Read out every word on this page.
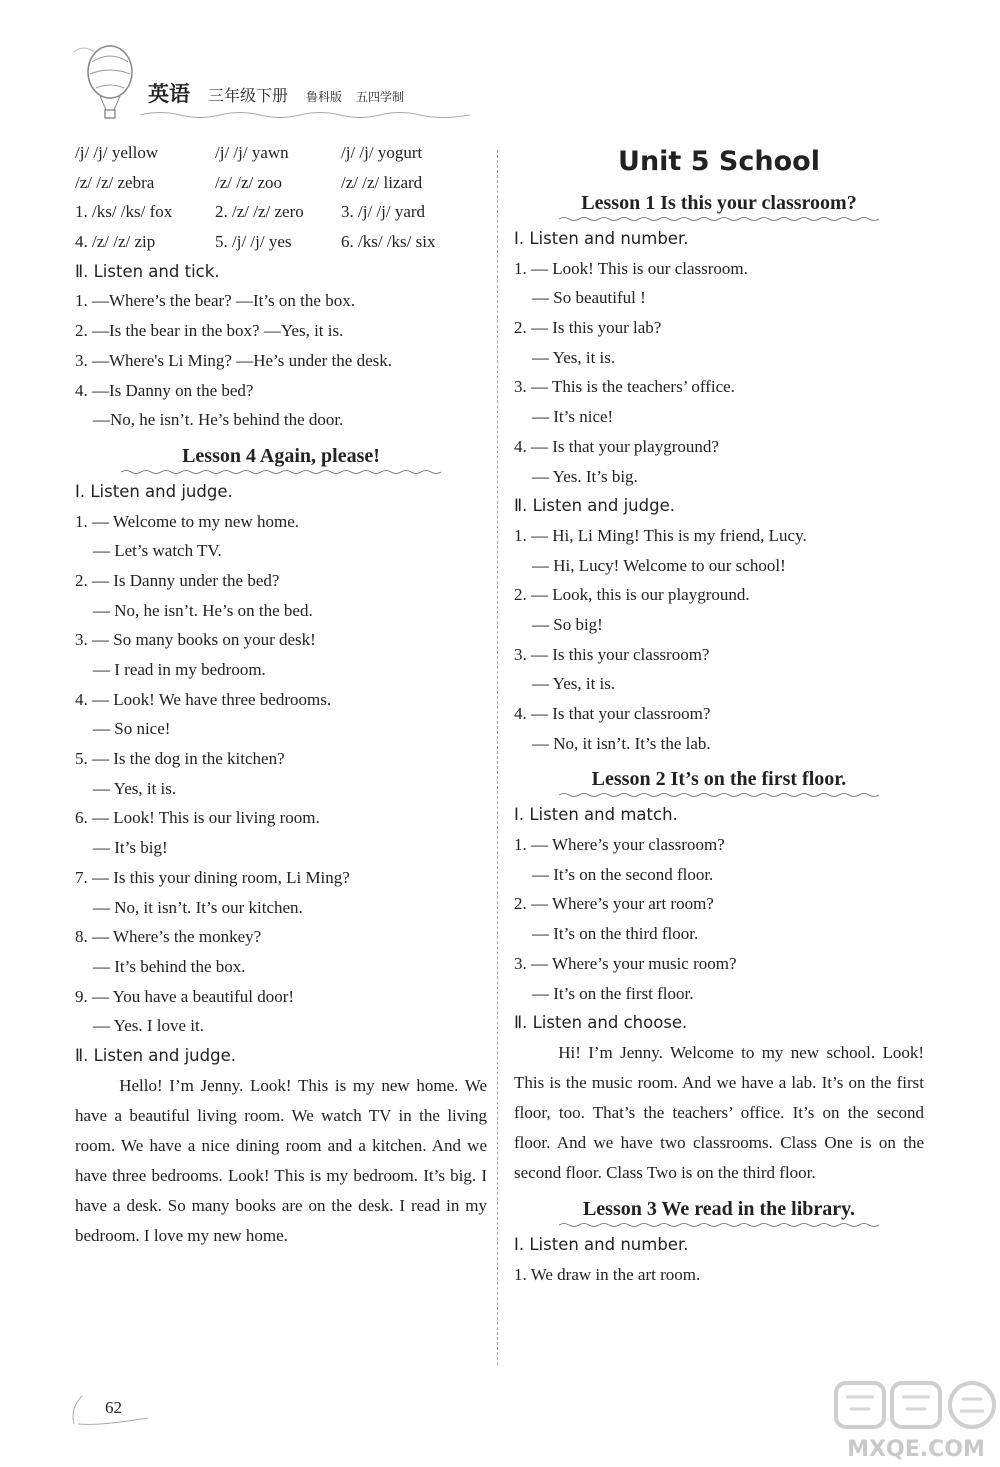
英语 三年级下册 鲁科版 五四学制
/j/ /j/ yellow	/j/ /j/ yawn	/j/ /j/ yogurt
/z/ /z/ zebra	/z/ /z/ zoo	/z/ /z/ lizard
1. /ks/ /ks/ fox	2. /z/ /z/ zero	3. /j/ /j/ yard
4. /z/ /z/ zip	5. /j/ /j/ yes	6. /ks/ /ks/ six
Ⅱ. Listen and tick.
1. —Where’s the bear? —It’s on the box.
2. —Is the bear in the box? —Yes, it is.
3. —Where's Li Ming? —He’s under the desk.
4. —Is Danny on the bed?
—No, he isn’t. He’s behind the door.
Lesson 4 Again, please!
Ⅰ. Listen and judge.
1. — Welcome to my new home.
— Let’s watch TV.
2. — Is Danny under the bed?
— No, he isn’t. He’s on the bed.
3. — So many books on your desk!
— I read in my bedroom.
4. — Look! We have three bedrooms.
— So nice!
5. — Is the dog in the kitchen?
— Yes, it is.
6. — Look! This is our living room.
— It’s big!
7. — Is this your dining room, Li Ming?
— No, it isn’t. It’s our kitchen.
8. — Where’s the monkey?
— It’s behind the box.
9. — You have a beautiful door!
— Yes. I love it.
Ⅱ. Listen and judge.
Hello! I’m Jenny. Look! This is my new home. We have a beautiful living room. We watch TV in the living room. We have a nice dining room and a kitchen. And we have three bedrooms. Look! This is my bedroom. It’s big. I have a desk. So many books are on the desk. I read in my bedroom. I love my new home.
Unit 5 School
Lesson 1 Is this your classroom?
Ⅰ. Listen and number.
1. — Look! This is our classroom.
— So beautiful !
2. — Is this your lab?
— Yes, it is.
3. — This is the teachers’ office.
— It’s nice!
4. — Is that your playground?
— Yes. It’s big.
Ⅱ. Listen and judge.
1. — Hi, Li Ming! This is my friend, Lucy.
— Hi, Lucy! Welcome to our school!
2. — Look, this is our playground.
— So big!
3. — Is this your classroom?
— Yes, it is.
4. — Is that your classroom?
— No, it isn’t. It’s the lab.
Lesson 2 It’s on the first floor.
Ⅰ. Listen and match.
1. — Where’s your classroom?
— It’s on the second floor.
2. — Where’s your art room?
— It’s on the third floor.
3. — Where’s your music room?
— It’s on the first floor.
Ⅱ. Listen and choose.
Hi! I’m Jenny. Welcome to my new school. Look! This is the music room. And we have a lab. It’s on the first floor, too. That’s the teachers’ office. It’s on the second floor. And we have two classrooms. Class One is on the second floor. Class Two is on the third floor.
Lesson 3 We read in the library.
Ⅰ. Listen and number.
1. We draw in the art room.
62
MXQE.COM
